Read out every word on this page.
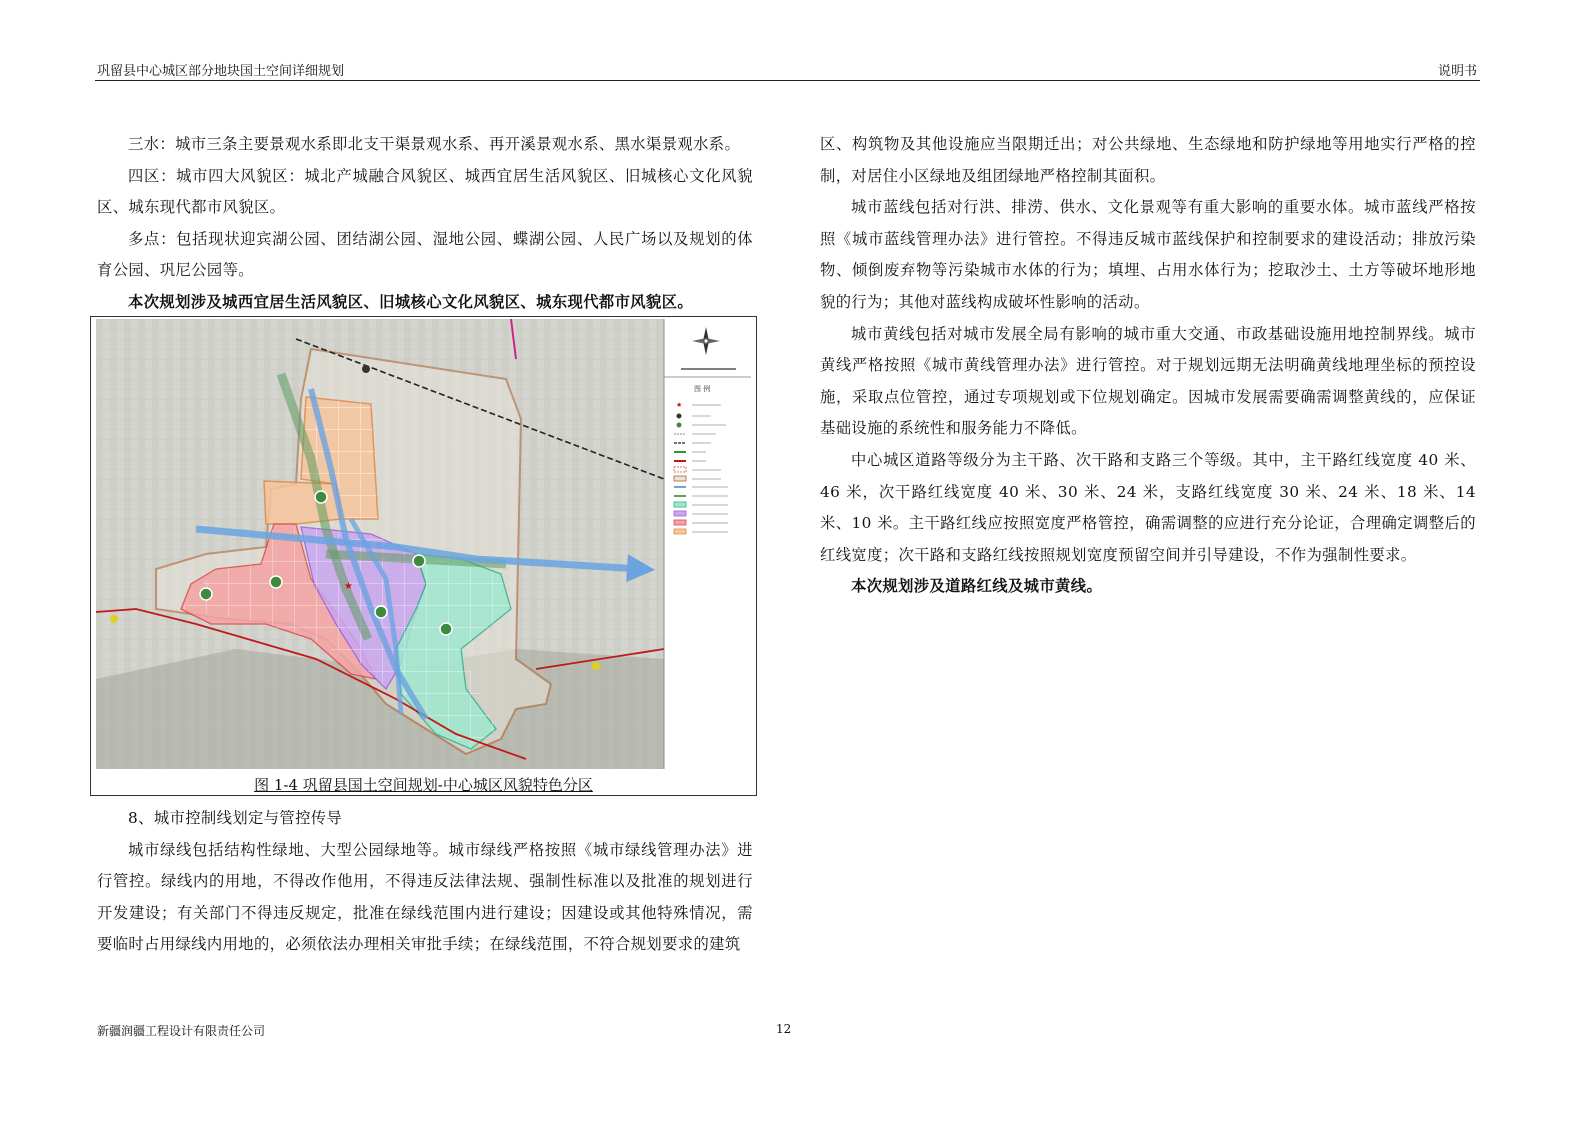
巩留县中心城区部分地块国土空间详细规划	说明书

三水：城市三条主要景观水系即北支干渠景观水系、再开溪景观水系、黑水渠景观水系。

四区：城市四大风貌区：城北产城融合风貌区、城西宜居生活风貌区、旧城核心文化风貌区、城东现代都市风貌区。

多点：包括现状迎宾湖公园、团结湖公园、湿地公园、蝶湖公园、人民广场以及规划的体育公园、巩尼公园等。

本次规划涉及城西宜居生活风貌区、旧城核心文化风貌区、城东现代都市风貌区。

★
图 例
★
图 1-4 巩留县国土空间规划-中心城区风貌特色分区

8、城市控制线划定与管控传导

城市绿线包括结构性绿地、大型公园绿地等。城市绿线严格按照《城市绿线管理办法》进行管控。绿线内的用地，不得改作他用，不得违反法律法规、强制性标准以及批准的规划进行开发建设；有关部门不得违反规定，批准在绿线范围内进行建设；因建设或其他特殊情况，需要临时占用绿线内用地的，必须依法办理相关审批手续；在绿线范围，不符合规划要求的建筑

区、构筑物及其他设施应当限期迁出；对公共绿地、生态绿地和防护绿地等用地实行严格的控制，对居住小区绿地及组团绿地严格控制其面积。

城市蓝线包括对行洪、排涝、供水、文化景观等有重大影响的重要水体。城市蓝线严格按照《城市蓝线管理办法》进行管控。不得违反城市蓝线保护和控制要求的建设活动；排放污染物、倾倒废弃物等污染城市水体的行为；填埋、占用水体行为；挖取沙土、土方等破坏地形地貌的行为；其他对蓝线构成破坏性影响的活动。

城市黄线包括对城市发展全局有影响的城市重大交通、市政基础设施用地控制界线。城市黄线严格按照《城市黄线管理办法》进行管控。对于规划远期无法明确黄线地理坐标的预控设施，采取点位管控，通过专项规划或下位规划确定。因城市发展需要确需调整黄线的，应保证基础设施的系统性和服务能力不降低。

中心城区道路等级分为主干路、次干路和支路三个等级。其中，主干路红线宽度 40 米、46 米，次干路红线宽度 40 米、30 米、24 米，支路红线宽度 30 米、24 米、18 米、14 米、10 米。主干路红线应按照宽度严格管控，确需调整的应进行充分论证，合理确定调整后的红线宽度；次干路和支路红线按照规划宽度预留空间并引导建设，不作为强制性要求。

本次规划涉及道路红线及城市黄线。

新疆润疆工程设计有限责任公司	12
